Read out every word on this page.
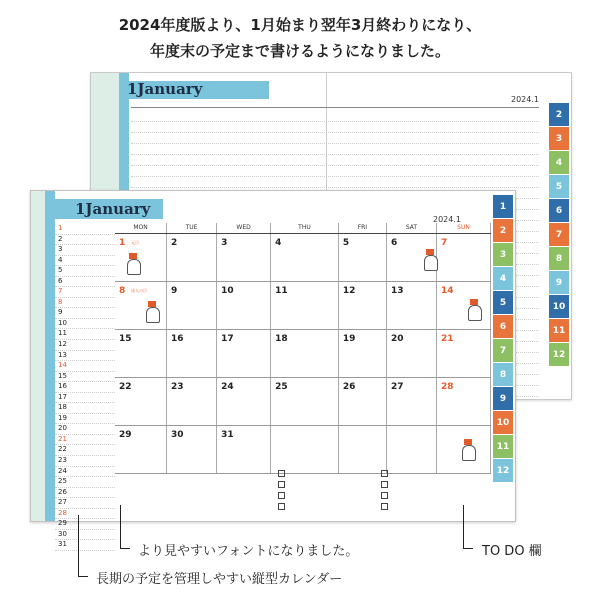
2024年度版より、1月始まり翌年3月終わりになり、
年度末の予定まで書けるようになりました。
1January
2024.1
2
3
4
5
6
7
8
9
10
11
12
1January
2024.1
1
2
3
4
5
6
7
8
9
10
11
12
13
14
15
16
17
18
19
20
21
22
23
24
25
26
27
28
29
30
31
MON	TUE	WED	THU	FRI	SAT	SUN
1 元日	2	3	4	5	6	7
8 成人の日	9	10	11	12	13	14
15	16	17	18	19	20	21
22	23	24	25	26	27	28
29	30	31
1
2
3
4
5
6
7
8
9
10
11
12
より見やすいフォントになりました。	TO DO 欄
長期の予定を管理しやすい縦型カレンダー
